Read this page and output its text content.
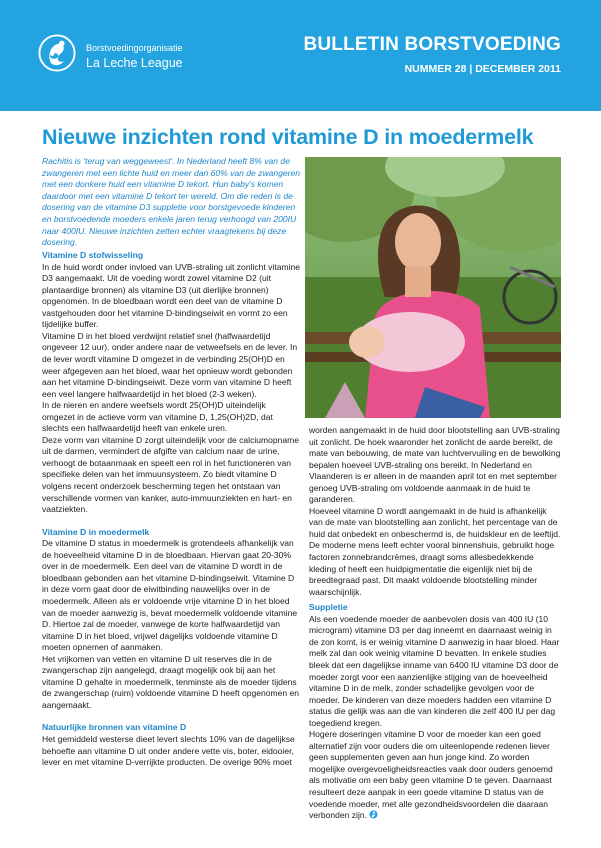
Borstvoedingorganisatie
La Leche League
BULLETIN BORSTVOEDING
NUMMER 28 | DECEMBER 2011
Nieuwe inzichten rond vitamine D in moedermelk

Rachitis is 'terug van weggeweest'. In Nederland heeft 8% van de zwangeren met een lichte huid en meer dan 60% van de zwangeren met een donkere huid een vitamine D tekort. Hun baby's komen daardoor met een vitamine D tekort ter wereld. Om die reden is de dosering van de vitamine D3 suppletie voor borstgevoede kinderen en borstvoedende moeders enkele jaren terug verhoogd van 200IU naar 400IU. Nieuwe inzichten zetten echter vraagtekens bij deze dosering.

Vitamine D stofwisseling

In de huid wordt onder invloed van UVB-straling uit zonlicht vitamine D3 aangemaakt. Uit de voeding wordt zowel vitamine D2 (uit plantaardige bronnen) als vitamine D3 (uit dierlijke bronnen) opgenomen. In de bloedbaan wordt een deel van de vitamine D vastgehouden door het vitamine D-bindingseiwit en vormt zo een tijdelijke buffer.

Vitamine D in het bloed verdwijnt relatief snel (halfwaardetijd ongeveer 12 uur). onder andere naar de vetweefsels en de lever. In de lever wordt vitamine D omgezet in de verbinding 25(OH)D en weer afgegeven aan het bloed, waar het opnieuw wordt gebonden aan het vitamine D-bindingseiwit. Deze vorm van vitamine D heeft een veel langere halfwaardetijd in het bloed (2-3 weken).

In de nieren en andere weefsels wordt 25(OH)D uiteindelijk omgezet in de actieve vorm van vitamine D, 1,25(OH)2D, dat slechts een halfwaardetijd heeft van enkele uren.

Deze vorm van vitamine D zorgt uiteindelijk voor de calciumopname uit de darmen, vermindert de afgifte van calcium naar de urine, verhoogt de botaanmaak en speelt een rol in het functioneren van specifieke delen van het immuunsysteem. Zo biedt vitamine D volgens recent onderzoek bescherming tegen het ontstaan van verschillende vormen van kanker, auto-immuunziekten en hart- en vaatziekten.

Vitamine D in moedermelk

De vitamine D status in moedermelk is grotendeels afhankelijk van de hoeveelheid vitamine D in de bloedbaan. Hiervan gaat 20-30% over in de moedermelk. Een deel van de vitamine D wordt in de bloedbaan gebonden aan het vitamine D-bindingseiwit. Vitamine D in deze vorm gaat door de eiwitbinding nauwelijks over in de moedermelk. Alleen als er voldoende vrije vitamine D in het bloed van de moeder aanwezig is, bevat moedermelk voldoende vitamine D. Hiertoe zal de moeder, vanwege de korte halfwaardetijd van vitamine D in het bloed, vrijwel dagelijks voldoende vitamine D moeten opnemen of aanmaken.

Het vrijkomen van vetten en vitamine D uit reserves die in de zwangerschap zijn aangelegd, draagt mogelijk ook bij aan het vitamine D gehalte in moedermelk, tenminste als de moeder tijdens de zwangerschap (ruim) voldoende vitamine D heeft opgenomen en aangemaakt.

Natuurlijke bronnen van vitamine D

Het gemiddeld westerse dieet levert slechts 10% van de dagelijkse behoefte aan vitamine D uit onder andere vette vis, boter, eidooier, lever en met vitamine D-verrijkte producten. De overige 90% moet

worden aangemaakt in de huid door blootstelling aan UVB-straling uit zonlicht. De hoek waaronder het zonlicht de aarde bereikt, de mate van bebouwing, de mate van luchtvervuiling en de bewolking bepalen hoeveel UVB-straling ons bereikt. In Nederland en Vlaanderen is er alleen in de maanden april tot en met september genoeg UVB-straling om voldoende aanmaak in de huid te garanderen.

Hoeveel vitamine D wordt aangemaakt in de huid is afhankelijk van de mate van blootstelling aan zonlicht, het percentage van de huid dat onbedekt en onbeschermd is, de huidskleur en de leeftijd. De moderne mens leeft echter vooral binnenshuis, gebruikt hoge factoren zonnebrandcrèmes, draagt soms allesbedekkende kleding of heeft een huidpigmentatie die eigenlijk niet bij de breedtegraad past. Dit maakt voldoende blootstelling minder waarschijnlijk.

Suppletie

Als een voedende moeder de aanbevolen dosis van 400 IU (10 microgram) vitamine D3 per dag inneemt en daarnaast weinig in de zon komt, is er weinig vitamine D aanwezig in haar bloed. Haar melk zal dan ook weinig vitamine D bevatten. In enkele studies bleek dat een dagelijkse inname van 6400 IU vitamine D3 door de moeder zorgt voor een aanzienlijke stijging van de hoeveelheid vitamine D in de melk, zonder schadelijke gevolgen voor de moeder. De kinderen van deze moeders hadden een vitamine D status die gelijk was aan die van kinderen die zelf 400 IU per dag toegediend kregen.

Hogere doseringen vitamine D voor de moeder kan een goed alternatief zijn voor ouders die om uiteenlopende redenen liever geen supplementen geven aan hun jonge kind. Zo worden mogelijke overgevoeligheidsreacties vaak door ouders genoemd als motivatie om een baby geen vitamine D te geven. Daarnaast resulteert deze aanpak in een goede vitamine D status van de voedende moeder, met alle gezondheidsvoordelen die daaraan verbonden zijn.
